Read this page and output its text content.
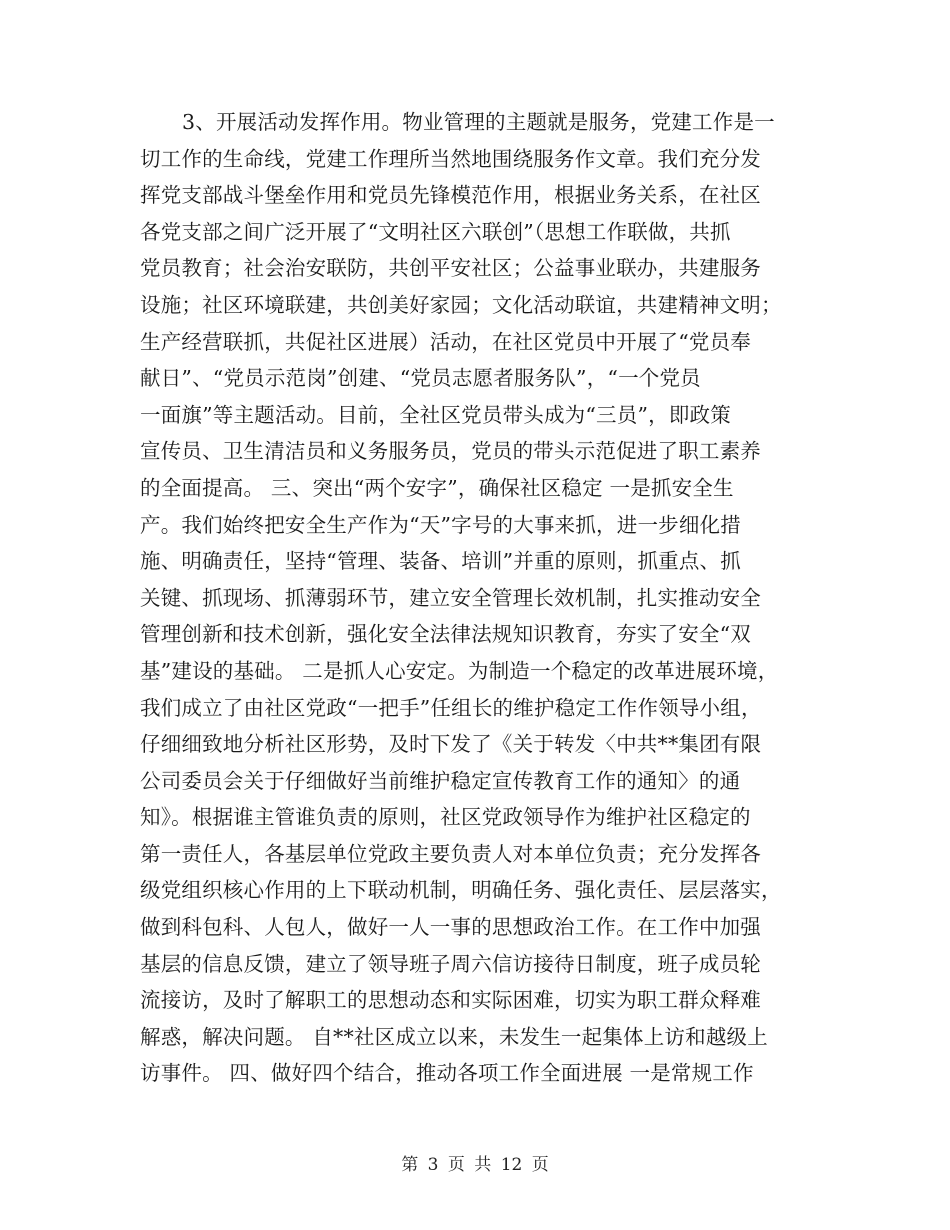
3、开展活动发挥作用。物业管理的主题就是服务，党建工作是一
切工作的生命线，党建工作理所当然地围绕服务作文章。我们充分发
挥党支部战斗堡垒作用和党员先锋模范作用，根据业务关系，在社区
各党支部之间广泛开展了“文明社区六联创”（思想工作联做，共抓
党员教育；社会治安联防，共创平安社区；公益事业联办，共建服务
设施；社区环境联建，共创美好家园；文化活动联谊，共建精神文明；
生产经营联抓，共促社区进展）活动，在社区党员中开展了“党员奉
献日”、“党员示范岗”创建、“党员志愿者服务队”，“一个党员
一面旗”等主题活动。目前，全社区党员带头成为“三员”，即政策
宣传员、卫生清洁员和义务服务员，党员的带头示范促进了职工素养
的全面提高。 三、突出“两个安字”，确保社区稳定 一是抓安全生
产。我们始终把安全生产作为“天”字号的大事来抓，进一步细化措
施、明确责任，坚持“管理、装备、培训”并重的原则，抓重点、抓
关键、抓现场、抓薄弱环节，建立安全管理长效机制，扎实推动安全
管理创新和技术创新，强化安全法律法规知识教育，夯实了安全“双
基”建设的基础。 二是抓人心安定。为制造一个稳定的改革进展环境，
我们成立了由社区党政“一把手”任组长的维护稳定工作作领导小组，
仔细细致地分析社区形势，及时下发了《关于转发〈中共**集团有限
公司委员会关于仔细做好当前维护稳定宣传教育工作的通知〉的通
知》。根据谁主管谁负责的原则，社区党政领导作为维护社区稳定的
第一责任人，各基层单位党政主要负责人对本单位负责；充分发挥各
级党组织核心作用的上下联动机制，明确任务、强化责任、层层落实，
做到科包科、人包人，做好一人一事的思想政治工作。在工作中加强
基层的信息反馈，建立了领导班子周六信访接待日制度，班子成员轮
流接访，及时了解职工的思想动态和实际困难，切实为职工群众释难
解惑，解决问题。 自**社区成立以来，未发生一起集体上访和越级上
访事件。 四、做好四个结合，推动各项工作全面进展 一是常规工作
第 3 页 共 12 页
